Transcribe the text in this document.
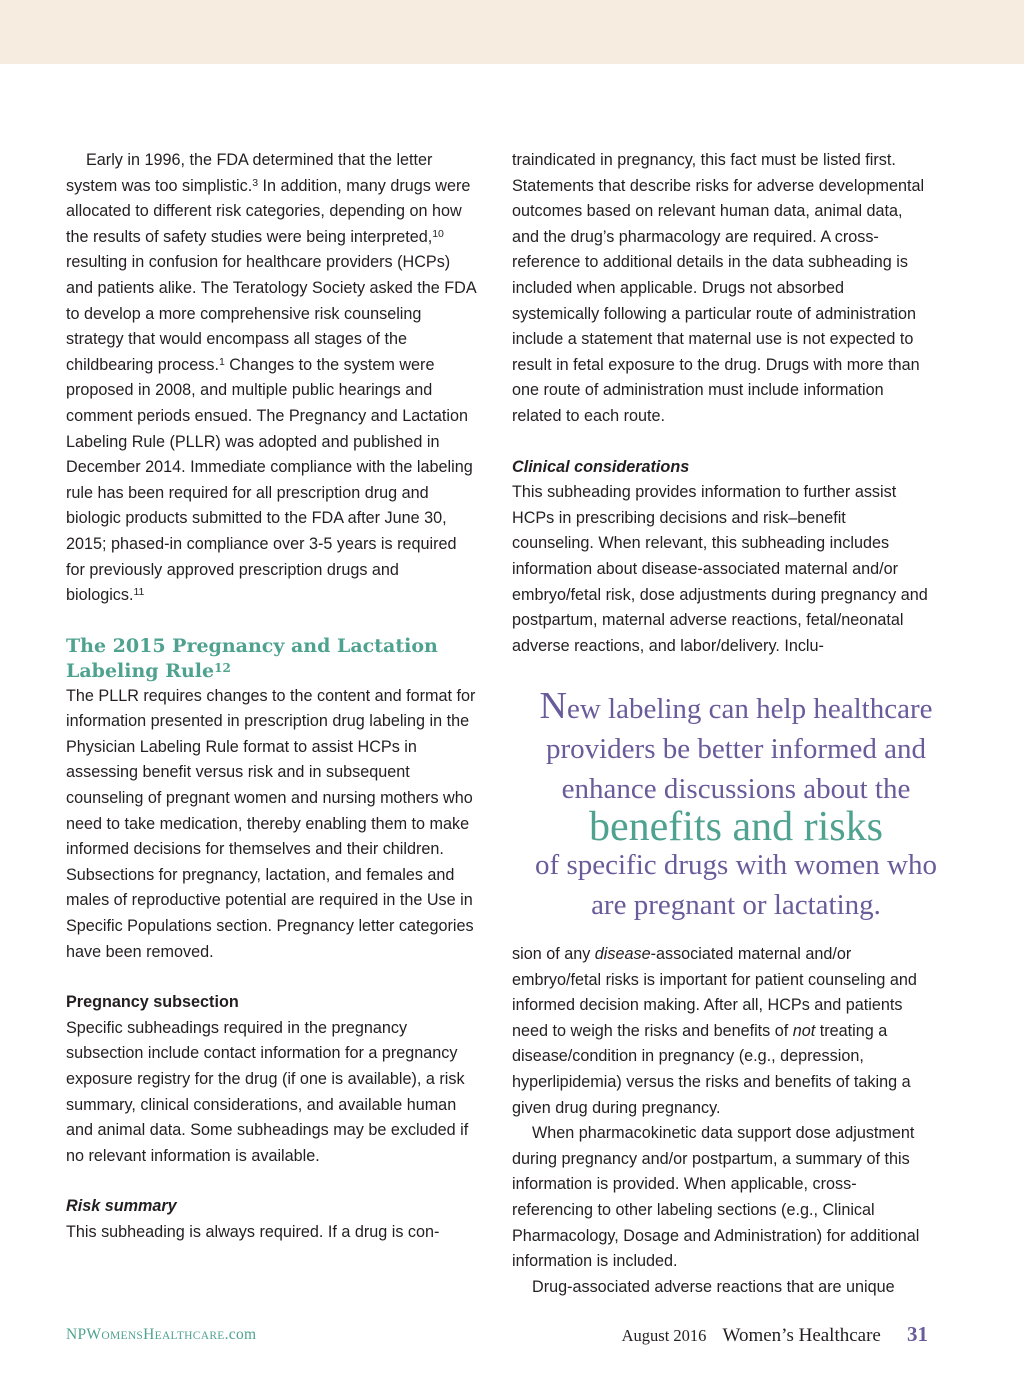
Early in 1996, the FDA determined that the letter system was too simplistic.$^3$ In addition, many drugs were allocated to different risk categories, depending on how the results of safety studies were being interpreted,$^{10}$ resulting in confusion for healthcare providers (HCPs) and patients alike. The Teratology Society asked the FDA to develop a more comprehensive risk counseling strategy that would encompass all stages of the childbearing process.$^1$ Changes to the system were proposed in 2008, and multiple public hearings and comment periods ensued. The Pregnancy and Lactation Labeling Rule (PLLR) was adopted and published in December 2014. Immediate compliance with the labeling rule has been required for all prescription drug and biologic products submitted to the FDA after June 30, 2015; phased-in compliance over 3-5 years is required for previously approved prescription drugs and biologics.$^{11}$

The 2015 Pregnancy and Lactation
Labeling Rule$^{12}$

The PLLR requires changes to the content and format for information presented in prescription drug labeling in the Physician Labeling Rule format to assist HCPs in assessing benefit versus risk and in subsequent counseling of pregnant women and nursing mothers who need to take medication, thereby enabling them to make informed decisions for themselves and their children. Subsections for pregnancy, lactation, and females and males of reproductive potential are required in the Use in Specific Populations section. Pregnancy letter categories have been removed.

Pregnancy subsection

Specific subheadings required in the pregnancy subsection include contact information for a pregnancy exposure registry for the drug (if one is available), a risk summary, clinical considerations, and available human and animal data. Some subheadings may be excluded if no relevant information is available.

Risk summary

This subheading is always required. If a drug is con-

traindicated in pregnancy, this fact must be listed first. Statements that describe risks for adverse developmental outcomes based on relevant human data, animal data, and the drug’s pharmacology are required. A cross-reference to additional details in the data subheading is included when applicable. Drugs not absorbed systemically following a particular route of administration include a statement that maternal use is not expected to result in fetal exposure to the drug. Drugs with more than one route of administration must include information related to each route.

Clinical considerations

This subheading provides information to further assist HCPs in prescribing decisions and risk–benefit counseling. When relevant, this subheading includes information about disease-associated maternal and/or embryo/fetal risk, dose adjustments during pregnancy and postpartum, maternal adverse reactions, fetal/neonatal adverse reactions, and labor/delivery. Inclu-

New labeling can help healthcare
providers be better informed and
enhance discussions about the
benefits and risks
of specific drugs with women who
are pregnant or lactating.

sion of any disease-associated maternal and/or embryo/fetal risks is important for patient counseling and informed decision making. After all, HCPs and patients need to weigh the risks and benefits of not treating a disease/condition in pregnancy (e.g., depression, hyperlipidemia) versus the risks and benefits of taking a given drug during pregnancy.

When pharmacokinetic data support dose adjustment during pregnancy and/or postpartum, a summary of this information is provided. When applicable, cross-referencing to other labeling sections (e.g., Clinical Pharmacology, Dosage and Administration) for additional information is included.

Drug-associated adverse reactions that are unique

NPWOMENSHEALTHCARE.com	August 2016 Women’s Healthcare 31
